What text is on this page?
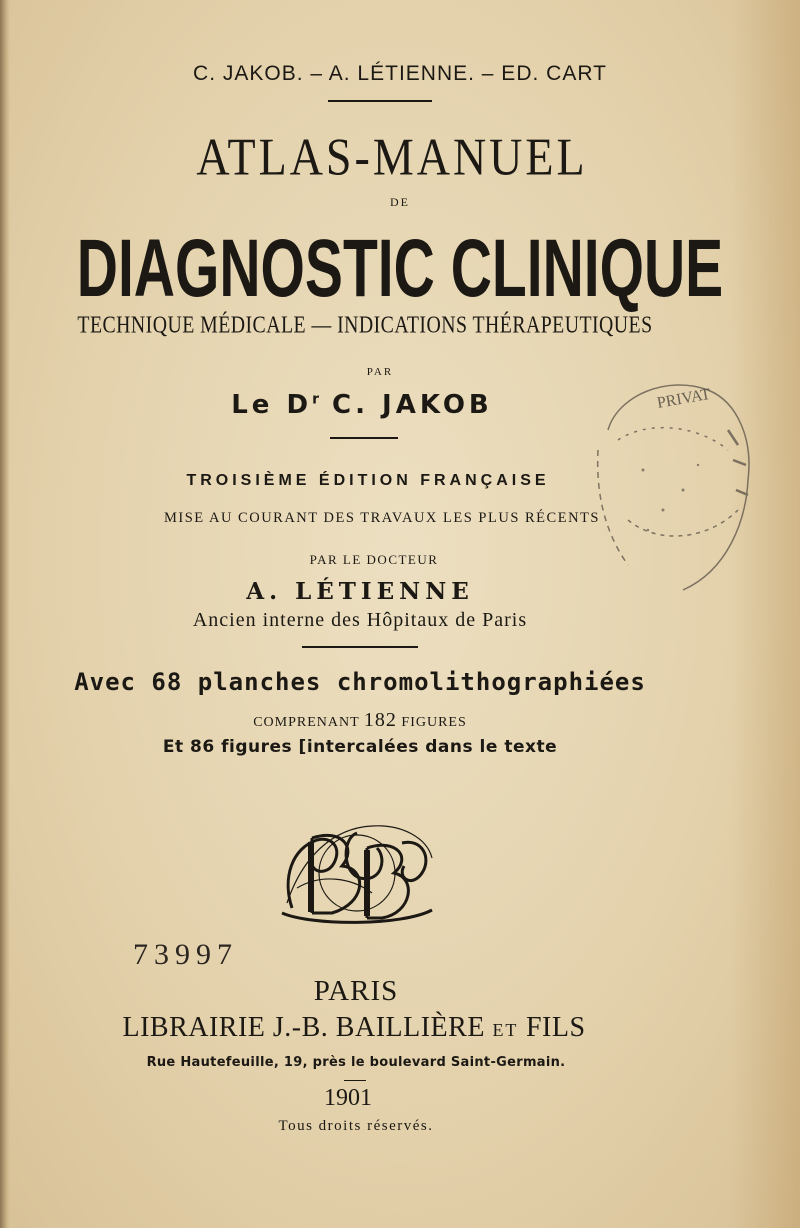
C. JAKOB. – A. LÉTIENNE. – ED. CART
ATLAS-MANUEL
DE
DIAGNOSTIC CLINIQUE
TECHNIQUE MÉDICALE — INDICATIONS THÉRAPEUTIQUES
PAR
Le $D^r$ C. JAKOB
TROISIÈME ÉDITION FRANÇAISE
MISE AU COURANT DES TRAVAUX LES PLUS RÉCENTS
PAR LE DOCTEUR
A. LÉTIENNE
Ancien interne des Hôpitaux de Paris
Avec 68 planches chromolithographiées
COMPRENANT 182 FIGURES
Et 86 figures [intercalées dans le texte
PRIVAT
73997
PARIS
LIBRAIRIE J.-B. BAILLIÈRE ET FILS
Rue Hautefeuille, 19, près le boulevard Saint-Germain.
1901
Tous droits réservés.
